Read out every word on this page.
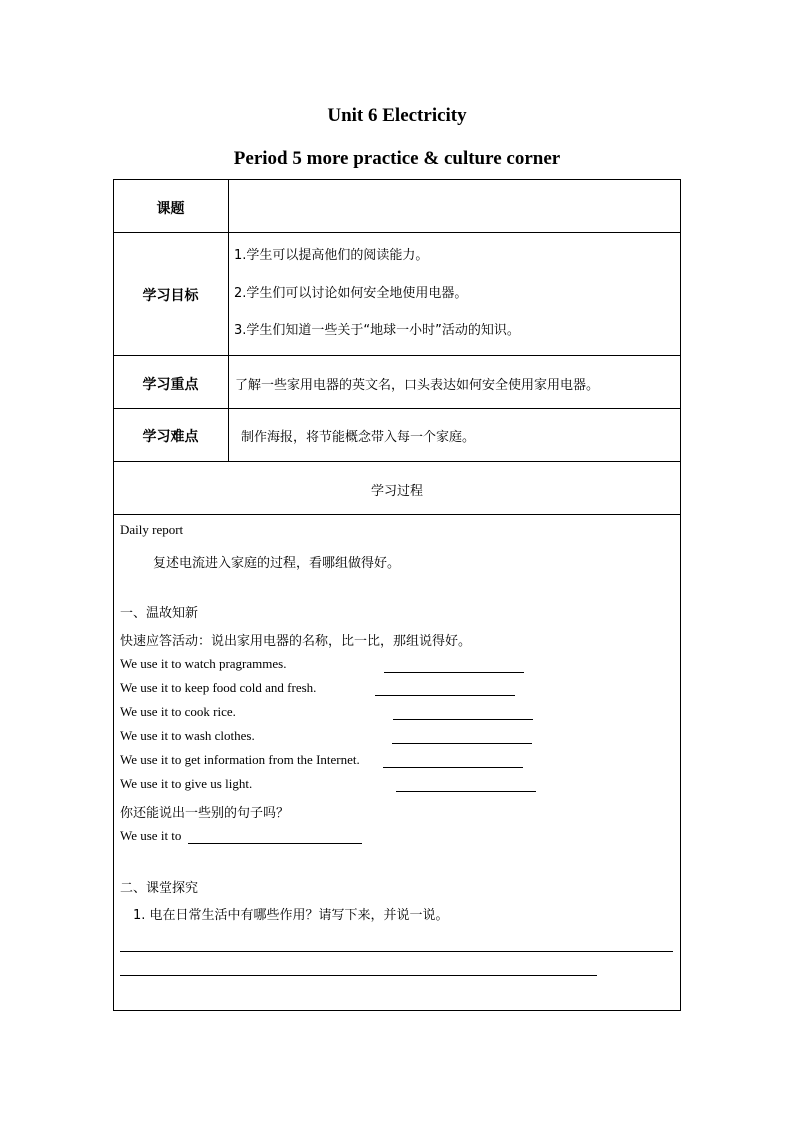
Unit 6 Electricity
Period 5 more practice & culture corner
课题
学习目标
1.学生可以提高他们的阅读能力。
2.学生们可以讨论如何安全地使用电器。
3.学生们知道一些关于“地球一小时”活动的知识。
学习重点	了解一些家用电器的英文名，口头表达如何安全使用家用电器。
学习难点	制作海报，将节能概念带入每一个家庭。
学习过程
Daily report
复述电流进入家庭的过程，看哪组做得好。
一、温故知新
快速应答活动：说出家用电器的名称，比一比，那组说得好。
We use it to watch pragrammes.
We use it to keep food cold and fresh.
We use it to cook rice.
We use it to wash clothes.
We use it to get information from the Internet.
We use it to give us light.
你还能说出一些别的句子吗？
We use it to
二、课堂探究
1. 电在日常生活中有哪些作用？请写下来，并说一说。
